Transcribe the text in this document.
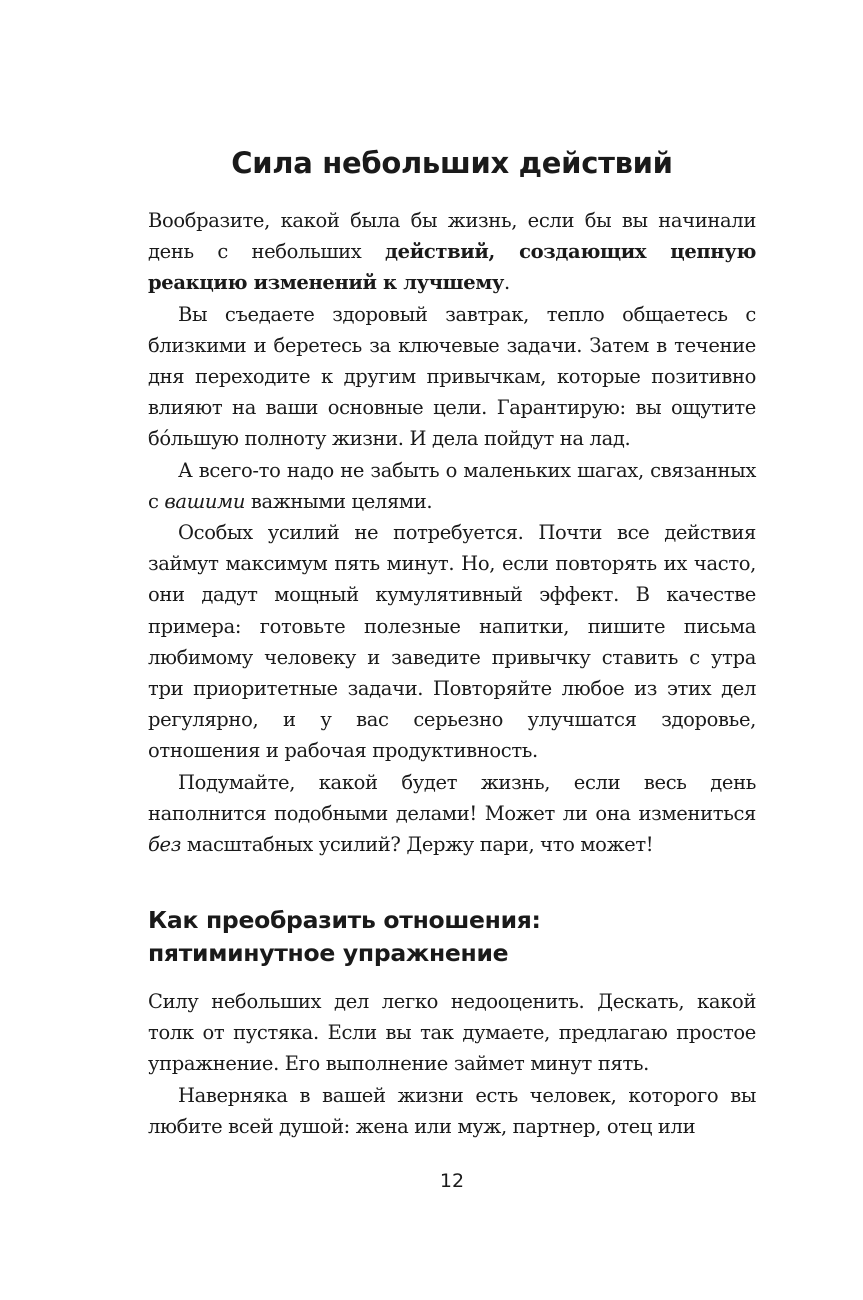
Сила небольших действий

Вообразите, какой была бы жизнь, если бы вы начинали день с небольших действий, создающих цепную реакцию изменений к лучшему.

Вы съедаете здоровый завтрак, тепло общаетесь с близкими и беретесь за ключевые задачи. Затем в течение дня переходите к другим привычкам, которые позитивно влияют на ваши основные цели. Гарантирую: вы ощутите бóльшую полноту жизни. И дела пойдут на лад.

А всего-то надо не забыть о маленьких шагах, связанных с вашими важными целями.

Особых усилий не потребуется. Почти все действия займут максимум пять минут. Но, если повторять их часто, они дадут мощный кумулятивный эффект. В качестве примера: готовьте полезные напитки, пишите письма любимому человеку и заведите привычку ставить с утра три приоритетные задачи. Повторяйте любое из этих дел регулярно, и у вас серьезно улучшатся здоровье, отношения и рабочая продуктивность.

Подумайте, какой будет жизнь, если весь день наполнится подобными делами! Может ли она измениться без масштабных усилий? Держу пари, что может!

Как преобразить отношения:
пятиминутное упражнение

Силу небольших дел легко недооценить. Дескать, какой толк от пустяка. Если вы так думаете, предлагаю простое упражнение. Его выполнение займет минут пять.

Наверняка в вашей жизни есть человек, которого вы любите всей душой: жена или муж, партнер, отец или

12
